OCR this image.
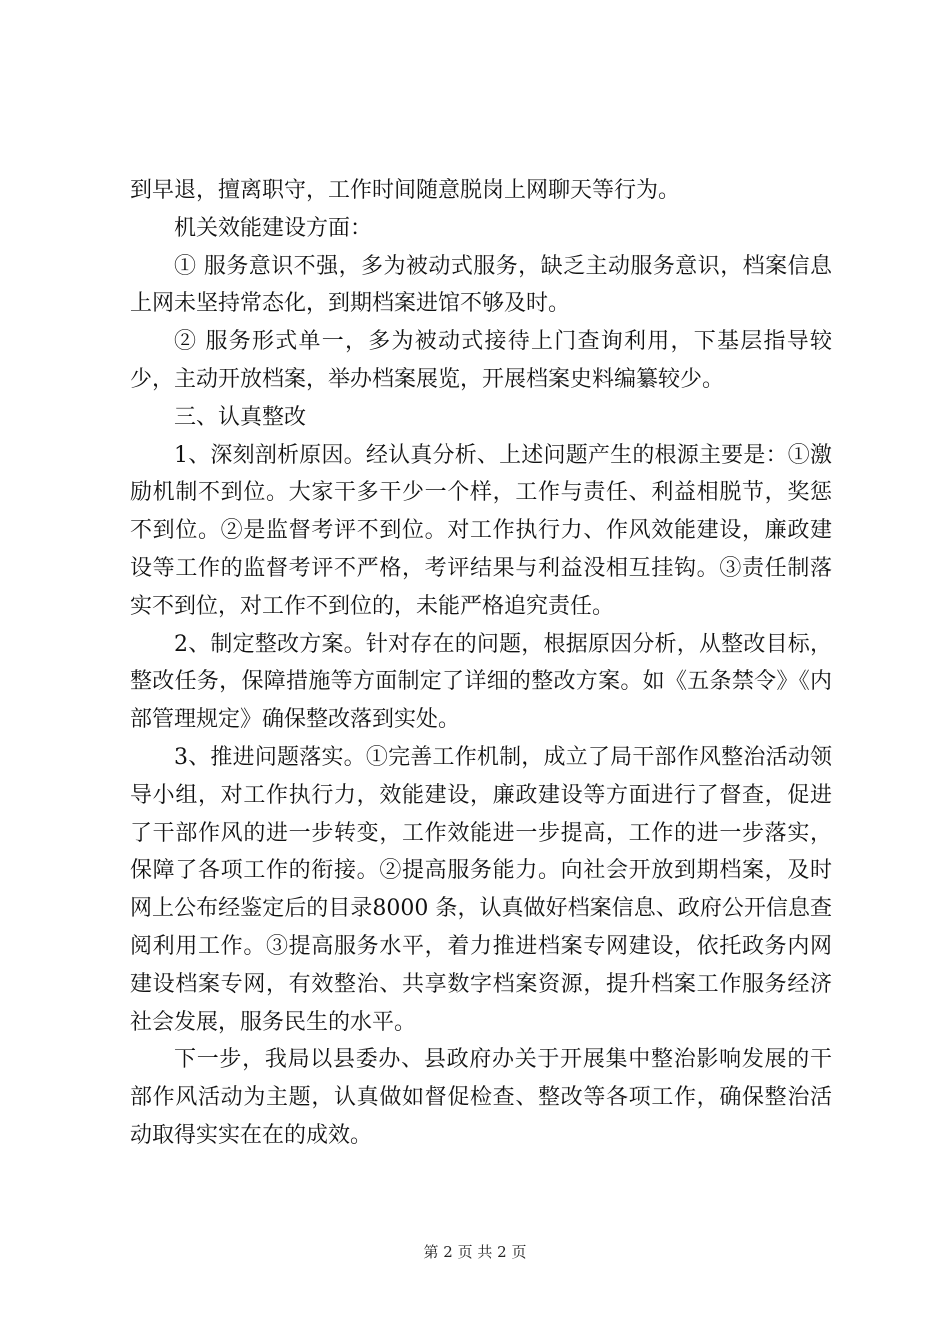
到早退，擅离职守，工作时间随意脱岗上网聊天等行为。

机关效能建设方面：

① 服务意识不强，多为被动式服务，缺乏主动服务意识，档案信息上网未坚持常态化，到期档案进馆不够及时。

② 服务形式单一，多为被动式接待上门查询利用，下基层指导较少，主动开放档案，举办档案展览，开展档案史料编纂较少。

三、认真整改

1、深刻剖析原因。经认真分析、上述问题产生的根源主要是：①激励机制不到位。大家干多干少一个样，工作与责任、利益相脱节，奖惩不到位。②是监督考评不到位。对工作执行力、作风效能建设，廉政建设等工作的监督考评不严格，考评结果与利益没相互挂钩。③责任制落实不到位，对工作不到位的，未能严格追究责任。

2、制定整改方案。针对存在的问题，根据原因分析，从整改目标，整改任务，保障措施等方面制定了详细的整改方案。如《五条禁令》《内部管理规定》确保整改落到实处。

3、推进问题落实。①完善工作机制，成立了局干部作风整治活动领导小组，对工作执行力，效能建设，廉政建设等方面进行了督查，促进了干部作风的进一步转变，工作效能进一步提高，工作的进一步落实，保障了各项工作的衔接。②提高服务能力。向社会开放到期档案，及时网上公布经鉴定后的目录8000 条，认真做好档案信息、政府公开信息查阅利用工作。③提高服务水平，着力推进档案专网建设，依托政务内网建设档案专网，有效整治、共享数字档案资源，提升档案工作服务经济社会发展，服务民生的水平。

下一步，我局以县委办、县政府办关于开展集中整治影响发展的干部作风活动为主题，认真做如督促检查、整改等各项工作，确保整治活动取得实实在在的成效。

第 2 页 共 2 页
